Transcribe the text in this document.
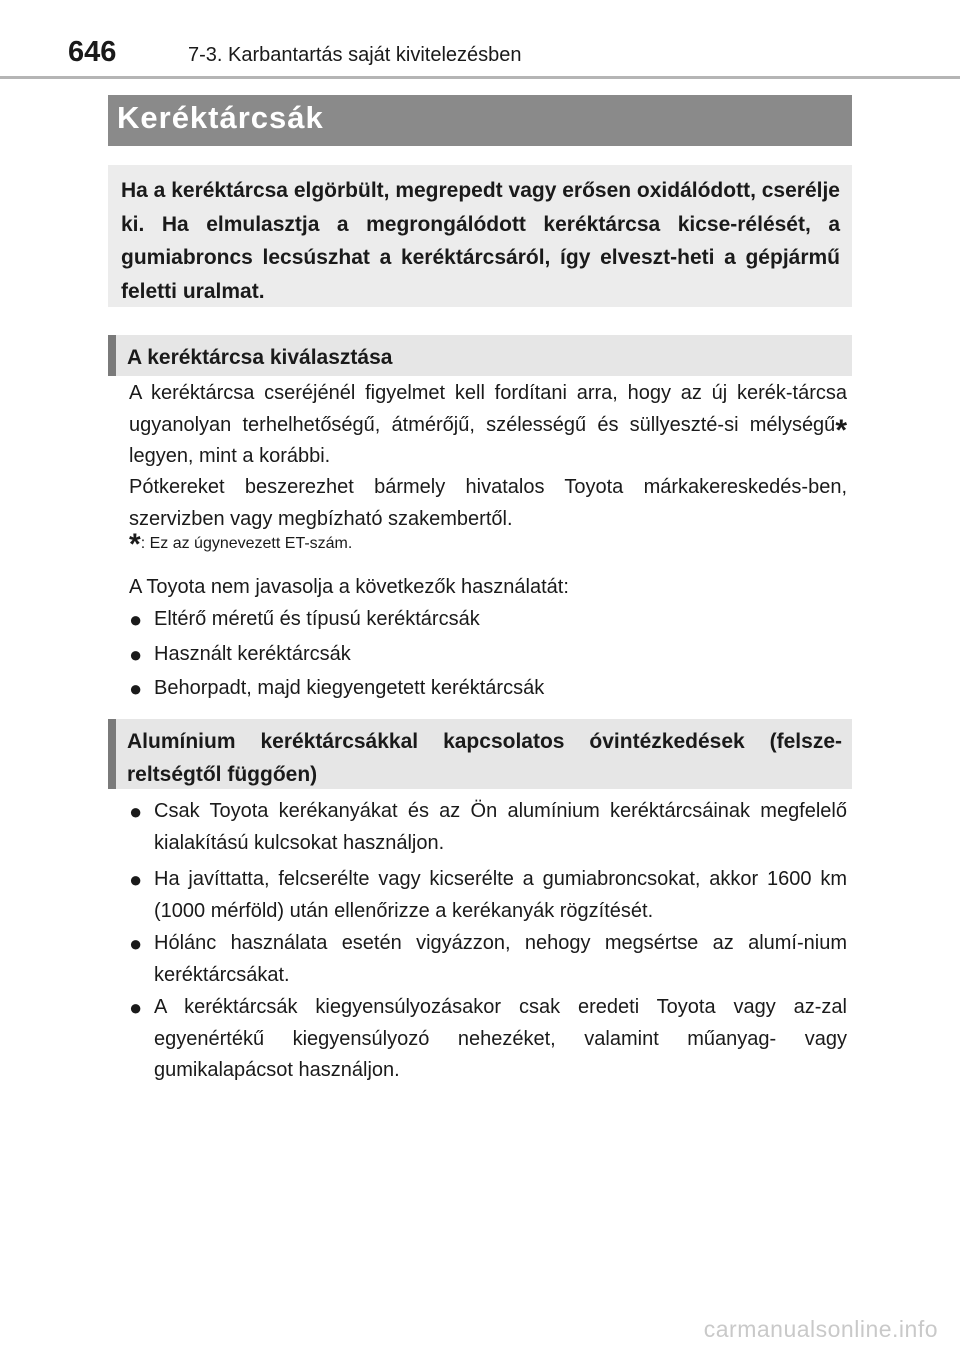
646	7-3. Karbantartás saját kivitelezésben
Keréktárcsák

Ha a keréktárcsa elgörbült, megrepedt vagy erősen oxidálódott, cserélje ki. Ha elmulasztja a megrongálódott keréktárcsa kicse-rélését, a gumiabroncs lecsúszhat a keréktárcsáról, így elveszt-heti a gépjármű feletti uralmat.

A keréktárcsa kiválasztása

A keréktárcsa cseréjénél figyelmet kell fordítani arra, hogy az új kerék-tárcsa ugyanolyan terhelhetőségű, átmérőjű, szélességű és süllyeszté-si mélységű* legyen, mint a korábbi.

Pótkereket beszerezhet bármely hivatalos Toyota márkakereskedés-ben, szervizben vagy megbízható szakembertől.

*: Ez az úgynevezett ET-szám.

A Toyota nem javasolja a következők használatát:

● Eltérő méretű és típusú keréktárcsák
● Használt keréktárcsák
● Behorpadt, majd kiegyengetett keréktárcsák
Alumínium keréktárcsákkal kapcsolatos óvintézkedések (felsze-reltségtől függően)
● Csak Toyota kerékanyákat és az Ön alumínium keréktárcsáinak megfelelő kialakítású kulcsokat használjon.
● Ha javíttatta, felcserélte vagy kicserélte a gumiabroncsokat, akkor 1600 km (1000 mérföld) után ellenőrizze a kerékanyák rögzítését.
● Hólánc használata esetén vigyázzon, nehogy megsértse az alumí-nium keréktárcsákat.
● A keréktárcsák kiegyensúlyozásakor csak eredeti Toyota vagy az-zal egyenértékű kiegyensúlyozó nehezéket, valamint műanyag- vagy gumikalapácsot használjon.
carmanualsonline.info
